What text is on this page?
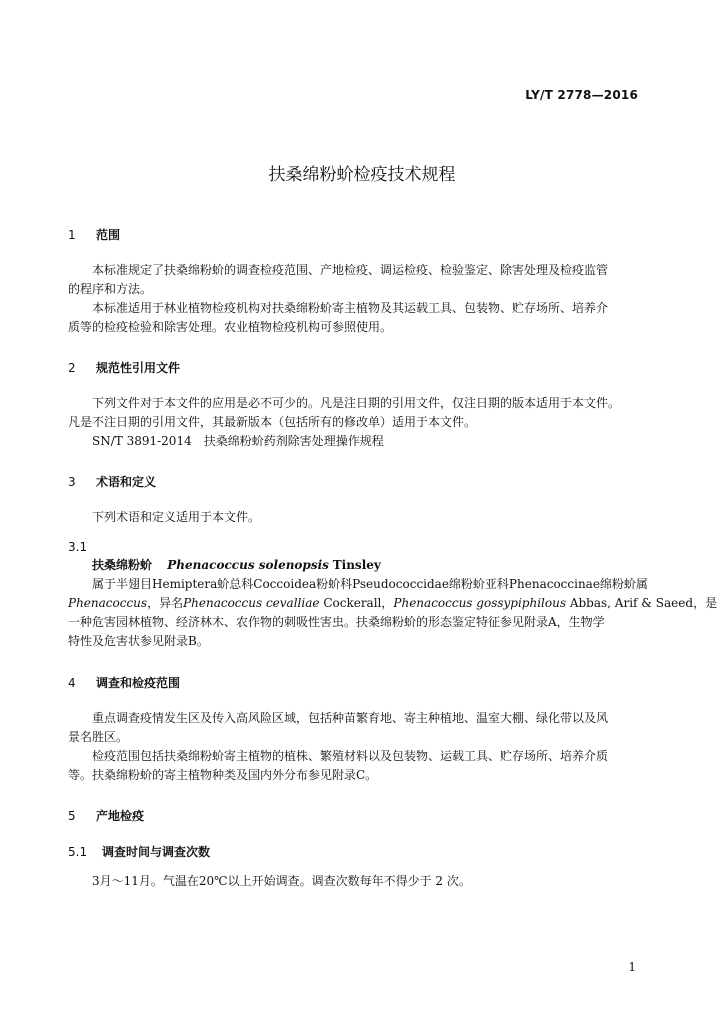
LY/T 2778—2016
扶桑绵粉蚧检疫技术规程
1 范围
本标准规定了扶桑绵粉蚧的调查检疫范围、产地检疫、调运检疫、检验鉴定、除害处理及检疫监管
的程序和方法。
本标准适用于林业植物检疫机构对扶桑绵粉蚧寄主植物及其运载工具、包装物、贮存场所、培养介
质等的检疫检验和除害处理。农业植物检疫机构可参照使用。
2 规范性引用文件
下列文件对于本文件的应用是必不可少的。凡是注日期的引用文件，仅注日期的版本适用于本文件。
凡是不注日期的引用文件，其最新版本（包括所有的修改单）适用于本文件。
SN/T 3891-2014　扶桑绵粉蚧药剂除害处理操作规程
3 术语和定义
下列术语和定义适用于本文件。
3.1
扶桑绵粉蚧 Phenacoccus solenopsis Tinsley
属于半翅目Hemiptera蚧总科Coccoidea粉蚧科Pseudococcidae绵粉蚧亚科Phenacoccinae绵粉蚧属
Phenacoccus，异名Phenacoccus cevalliae Cockerall，Phenacoccus gossypiphilous Abbas, Arif & Saeed，是
一种危害园林植物、经济林木、农作物的刺吸性害虫。扶桑绵粉蚧的形态鉴定特征参见附录A，生物学
特性及危害状参见附录B。
4 调查和检疫范围
重点调查疫情发生区及传入高风险区域，包括种苗繁育地、寄主种植地、温室大棚、绿化带以及风
景名胜区。
检疫范围包括扶桑绵粉蚧寄主植物的植株、繁殖材料以及包装物、运载工具、贮存场所、培养介质
等。扶桑绵粉蚧的寄主植物种类及国内外分布参见附录C。
5 产地检疫
5.1 调查时间与调查次数
3月～11月。气温在20℃以上开始调查。调查次数每年不得少于 2 次。
1
